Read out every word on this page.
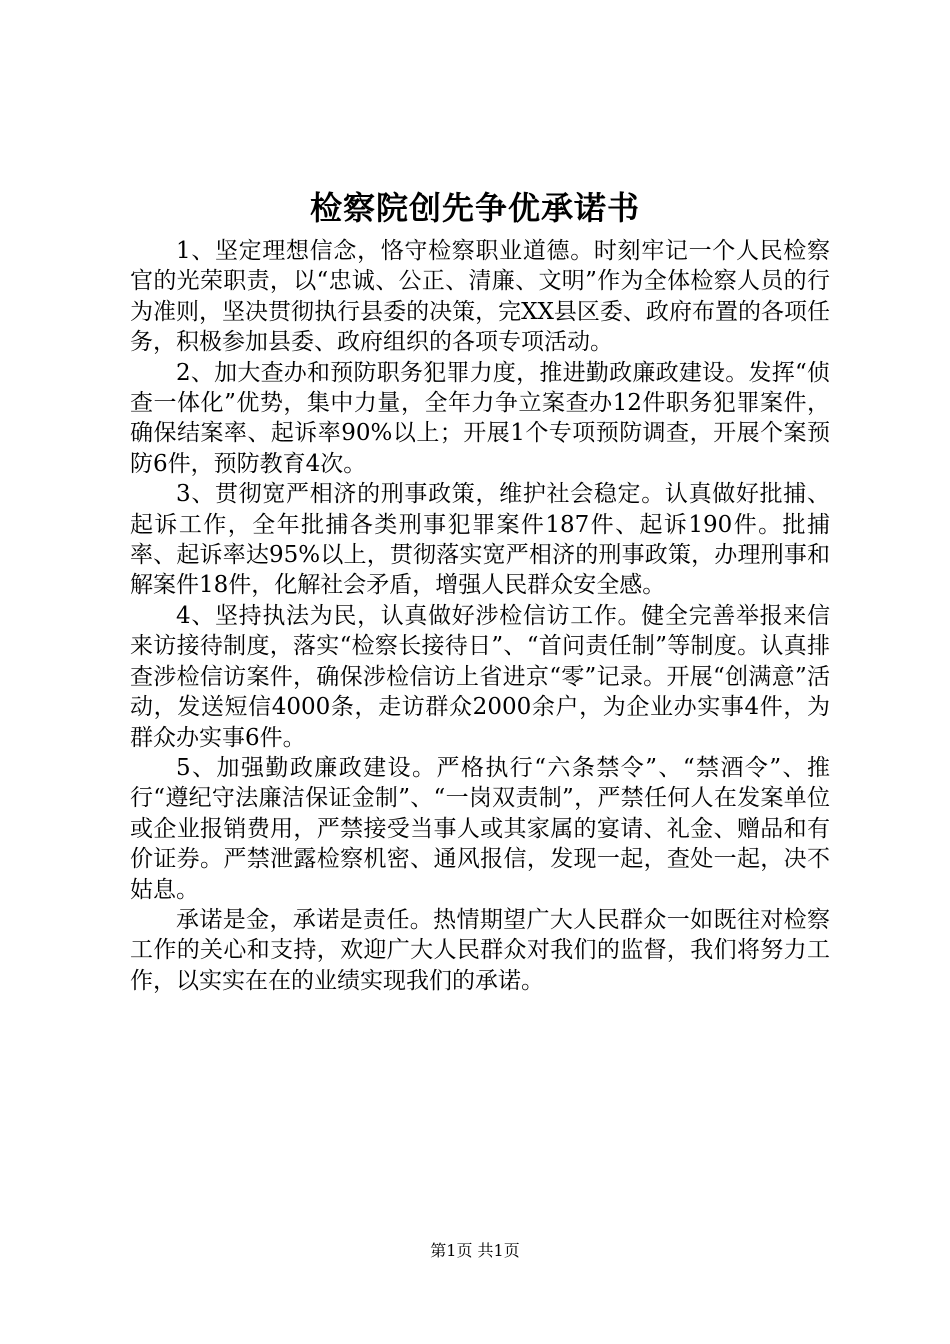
检察院创先争优承诺书

1、坚定理想信念，恪守检察职业道德。时刻牢记一个人民检察官的光荣职责，以“忠诚、公正、清廉、文明”作为全体检察人员的行为准则，坚决贯彻执行县委的决策，完XX县区委、政府布置的各项任务，积极参加县委、政府组织的各项专项活动。

2、加大查办和预防职务犯罪力度，推进勤政廉政建设。发挥“侦查一体化”优势，集中力量，全年力争立案查办12件职务犯罪案件，确保结案率、起诉率90%以上；开展1个专项预防调查，开展个案预防6件，预防教育4次。

3、贯彻宽严相济的刑事政策，维护社会稳定。认真做好批捕、起诉工作，全年批捕各类刑事犯罪案件187件、起诉190件。批捕率、起诉率达95%以上，贯彻落实宽严相济的刑事政策，办理刑事和解案件18件，化解社会矛盾，增强人民群众安全感。

4、坚持执法为民，认真做好涉检信访工作。健全完善举报来信来访接待制度，落实“检察长接待日”、“首问责任制”等制度。认真排查涉检信访案件，确保涉检信访上省进京“零”记录。开展“创满意”活动，发送短信4000条，走访群众2000余户，为企业办实事4件，为群众办实事6件。

5、加强勤政廉政建设。严格执行“六条禁令”、“禁酒令”、推行“遵纪守法廉洁保证金制”、“一岗双责制”，严禁任何人在发案单位或企业报销费用，严禁接受当事人或其家属的宴请、礼金、赠品和有价证券。严禁泄露检察机密、通风报信，发现一起，查处一起，决不姑息。

承诺是金，承诺是责任。热情期望广大人民群众一如既往对检察工作的关心和支持，欢迎广大人民群众对我们的监督，我们将努力工作，以实实在在的业绩实现我们的承诺。

第1页 共1页
